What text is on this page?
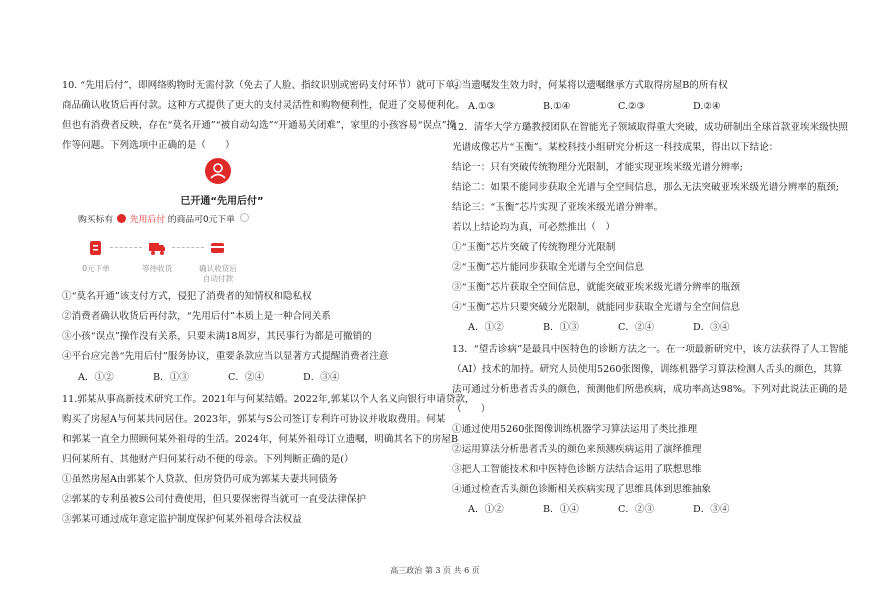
10. “先用后付”，即网络购物时无需付款（免去了人脸、指纹识别或密码支付环节）就可下单，
商品确认收货后再付款。这种方式提供了更大的支付灵活性和购物便利性，促进了交易便利化。
但也有消费者反映，存在“莫名开通”“被自动勾选”“开通易关闭难”，家里的小孩容易“误点”操
作等问题。下列选项中正确的是（　　）
已开通“先用后付”
购买标有 先用后付 的商品可0元下单
0元下单	等待收货	确认收货后
自动付款
①“莫名开通”该支付方式，侵犯了消费者的知情权和隐私权
②消费者确认收货后再付款，“先用后付”本质上是一种合同关系
③小孩“误点”操作没有关系，只要未满18周岁，其民事行为都是可撤销的
④平台应完善“先用后付”服务协议，重要条款应当以显著方式提醒消费者注意
A．①②	B．①③	C．②④	D．③④
11.郭某从事高新技术研究工作。2021年与何某结婚。2022年,郭某以个人名义向银行申请贷款，
购买了房屋A与何某共同居住。2023年，郭某与S公司签订专利许可协议并收取费用。何某
和郭某一直全力照顾何某外祖母的生活。2024年，何某外祖母订立遗嘱，明确其名下的房屋B
归何某所有、其他财产归何某行动不便的母亲。下列判断正确的是(）
①虽然房屋A由郭某个人贷款、但房贷仍可成为郭某夫妻共同债务
②郭某的专利虽被S公司付费使用，但只要保密得当就可一直受法律保护
③郭某可通过成年意定监护制度保护何某外祖母合法权益
④当遗嘱发生效力时，何某将以遗嘱继承方式取得房屋B的所有权
A.①③	B.①④	C.②③	D.②④
12．清华大学方璐教授团队在智能光子领域取得重大突破，成功研制出全球首款亚埃米级快照
光谱成像芯片“玉衡”。某校科技小组研究分析这一科技成果，得出以下结论：
结论一：只有突破传统物理分光限制，才能实现亚埃米级光谱分辨率;
结论二：如果不能同步获取全光谱与全空间信息，那么无法突破亚埃米级光谱分辨率的瓶颈;
结论三：“玉衡”芯片实现了亚埃米级光谱分辨率。
若以上结论均为真，可必然推出（　）
①“玉衡”芯片突破了传统物理分光限制
②“玉衡”芯片能同步获取全光谱与全空间信息
③“玉衡”芯片获取全空间信息，就能突破亚埃米级光谱分辨率的瓶颈
④“玉衡”芯片只要突破分光限制，就能同步获取全光谱与全空间信息
A．①②	B．①③	C．②④	D．③④
13．“望舌诊病”是最具中医特色的诊断方法之一。在一项最新研究中，该方法获得了人工智能
（AI）技术的加持。研究人员使用5260张图像，训练机器学习算法检测人舌头的颜色，其算
法可通过分析患者舌头的颜色，预测他们所患疾病，成功率高达98%。下列对此说法正确的是
（　　）
①通过使用5260张图像训练机器学习算法运用了类比推理
②运用算法分析患者舌头的颜色来预测疾病运用了演绎推理
③把人工智能技术和中医特色诊断方法结合运用了联想思维
④通过检查舌头颜色诊断相关疾病实现了思维具体到思维抽象
A．①②	B．①④	C．②③	D．③④
高三政治 第 3 页 共 6 页
